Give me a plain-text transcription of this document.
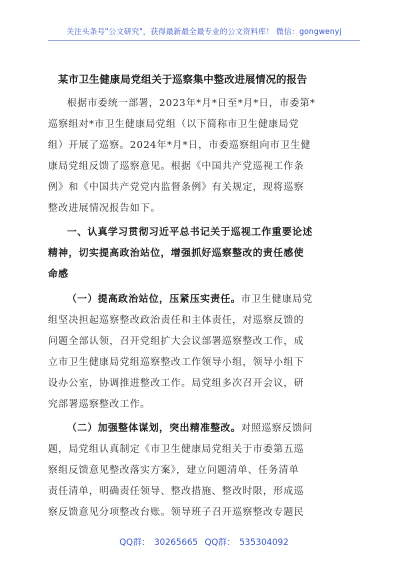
关注头条号"公文研究"，获得最新最全最专业的公文资料库！ 微信：gongwenyj
某市卫生健康局党组关于巡察集中整改进展情况的报告
根据市委统一部署，2023年*月*日至*月*日，市委第*
巡察组对*市卫生健康局党组（以下简称市卫生健康局党
组）开展了巡察。2024年*月*日，市委巡察组向市卫生健
康局党组反馈了巡察意见。根据《中国共产党巡视工作条
例》和《中国共产党党内监督条例》有关规定，现将巡察
整改进展情况报告如下。
一、认真学习贯彻习近平总书记关于巡视工作重要论述
精神，切实提高政治站位，增强抓好巡察整改的责任感使
命感
（一）提高政治站位，压紧压实责任。市卫生健康局党
组坚决担起巡察整改政治责任和主体责任，对巡察反馈的
问题全部认领，召开党组扩大会议部署巡察整改工作，成
立市卫生健康局党组巡察整改工作领导小组，领导小组下
设办公室，协调推进整改工作。局党组多次召开会议，研
究部署巡察整改工作。
（二）加强整体谋划，突出精准整改。对照巡察反馈问
题，局党组认真制定《市卫生健康局党组关于市委第五巡
察组反馈意见整改落实方案》，建立问题清单、任务清单
责任清单，明确责任领导、整改措施、整改时限，形成巡
察反馈意见分项整改台账。领导班子召开巡察整改专题民
QQ群： 30265665 QQ群： 535304092
